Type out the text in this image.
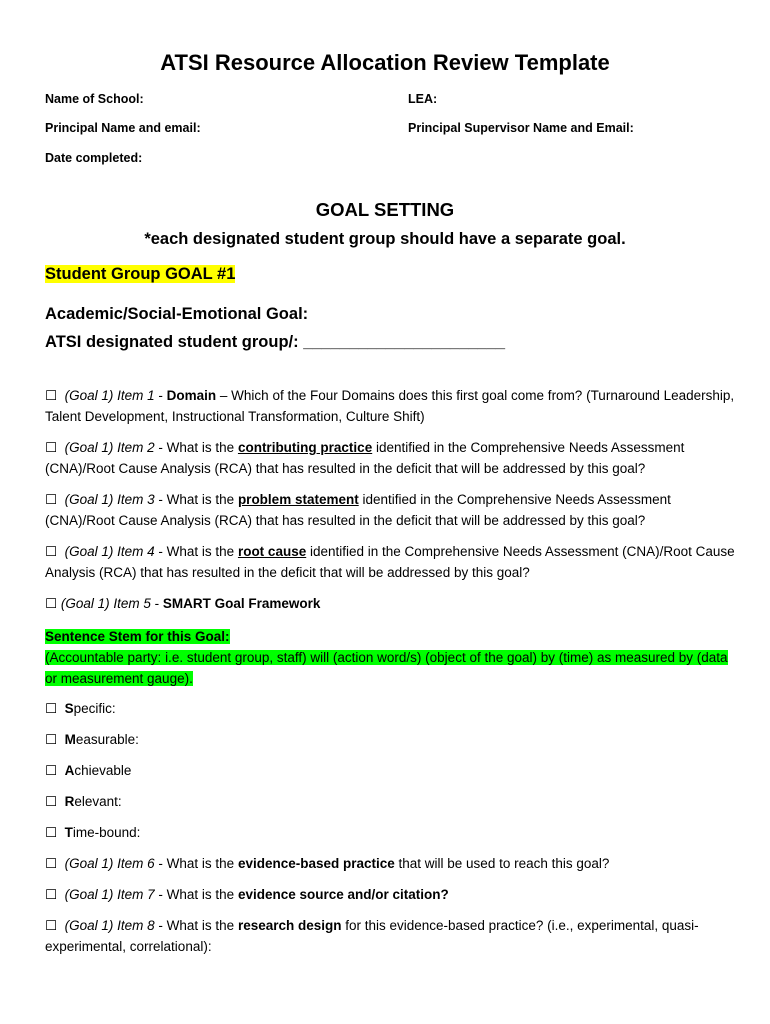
ATSI Resource Allocation Review Template
Name of School:	LEA:
Principal Name and email:	Principal Supervisor Name and Email:
Date completed:
GOAL SETTING
*each designated student group should have a separate goal.
Student Group GOAL #1
Academic/Social-Emotional Goal:
ATSI designated student group/: ______________________
☐ (Goal 1) Item 1 - Domain – Which of the Four Domains does this first goal come from? (Turnaround Leadership, Talent Development, Instructional Transformation, Culture Shift)
☐ (Goal 1) Item 2 - What is the contributing practice identified in the Comprehensive Needs Assessment (CNA)/Root Cause Analysis (RCA) that has resulted in the deficit that will be addressed by this goal?
☐ (Goal 1) Item 3 - What is the problem statement identified in the Comprehensive Needs Assessment (CNA)/Root Cause Analysis (RCA) that has resulted in the deficit that will be addressed by this goal?
☐ (Goal 1) Item 4 - What is the root cause identified in the Comprehensive Needs Assessment (CNA)/Root Cause Analysis (RCA) that has resulted in the deficit that will be addressed by this goal?
☐ (Goal 1) Item 5 - SMART Goal Framework
Sentence Stem for this Goal:
(Accountable party: i.e. student group, staff) will (action word/s) (object of the goal) by (time) as measured by (data or measurement gauge).
☐ Specific:
☐ Measurable:
☐ Achievable
☐ Relevant:
☐ Time-bound:
☐ (Goal 1) Item 6 - What is the evidence-based practice that will be used to reach this goal?
☐ (Goal 1) Item 7 - What is the evidence source and/or citation?
☐ (Goal 1) Item 8 - What is the research design for this evidence-based practice? (i.e., experimental, quasi-experimental, correlational):
